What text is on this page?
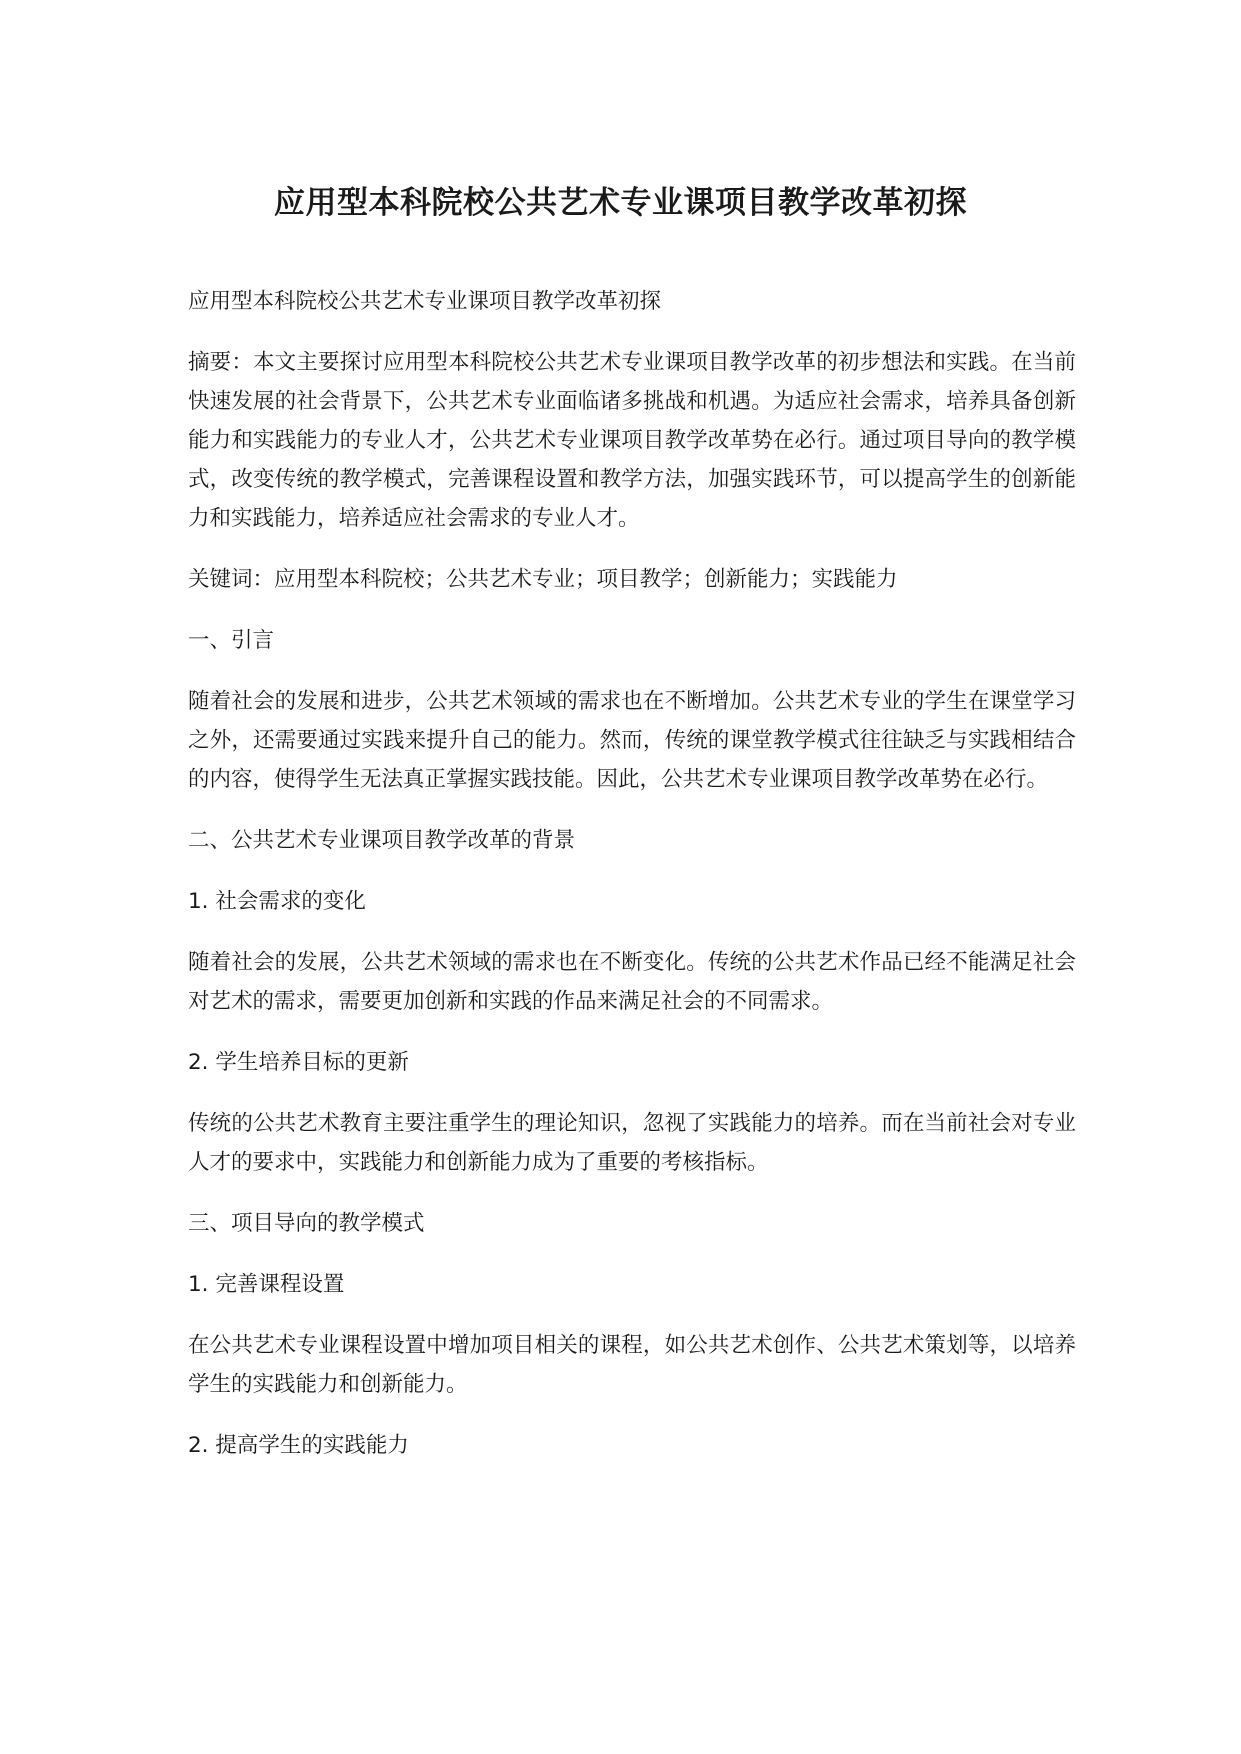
应用型本科院校公共艺术专业课项目教学改革初探

应用型本科院校公共艺术专业课项目教学改革初探

摘要：本文主要探讨应用型本科院校公共艺术专业课项目教学改革的初步想法和实践。在当前快速发展的社会背景下，公共艺术专业面临诸多挑战和机遇。为适应社会需求，培养具备创新能力和实践能力的专业人才，公共艺术专业课项目教学改革势在必行。通过项目导向的教学模式，改变传统的教学模式，完善课程设置和教学方法，加强实践环节，可以提高学生的创新能力和实践能力，培养适应社会需求的专业人才。

关键词：应用型本科院校；公共艺术专业；项目教学；创新能力；实践能力

一、引言

随着社会的发展和进步，公共艺术领域的需求也在不断增加。公共艺术专业的学生在课堂学习之外，还需要通过实践来提升自己的能力。然而，传统的课堂教学模式往往缺乏与实践相结合的内容，使得学生无法真正掌握实践技能。因此，公共艺术专业课项目教学改革势在必行。

二、公共艺术专业课项目教学改革的背景

1. 社会需求的变化

随着社会的发展，公共艺术领域的需求也在不断变化。传统的公共艺术作品已经不能满足社会对艺术的需求，需要更加创新和实践的作品来满足社会的不同需求。

2. 学生培养目标的更新

传统的公共艺术教育主要注重学生的理论知识，忽视了实践能力的培养。而在当前社会对专业人才的要求中，实践能力和创新能力成为了重要的考核指标。

三、项目导向的教学模式

1. 完善课程设置

在公共艺术专业课程设置中增加项目相关的课程，如公共艺术创作、公共艺术策划等，以培养学生的实践能力和创新能力。

2. 提高学生的实践能力
